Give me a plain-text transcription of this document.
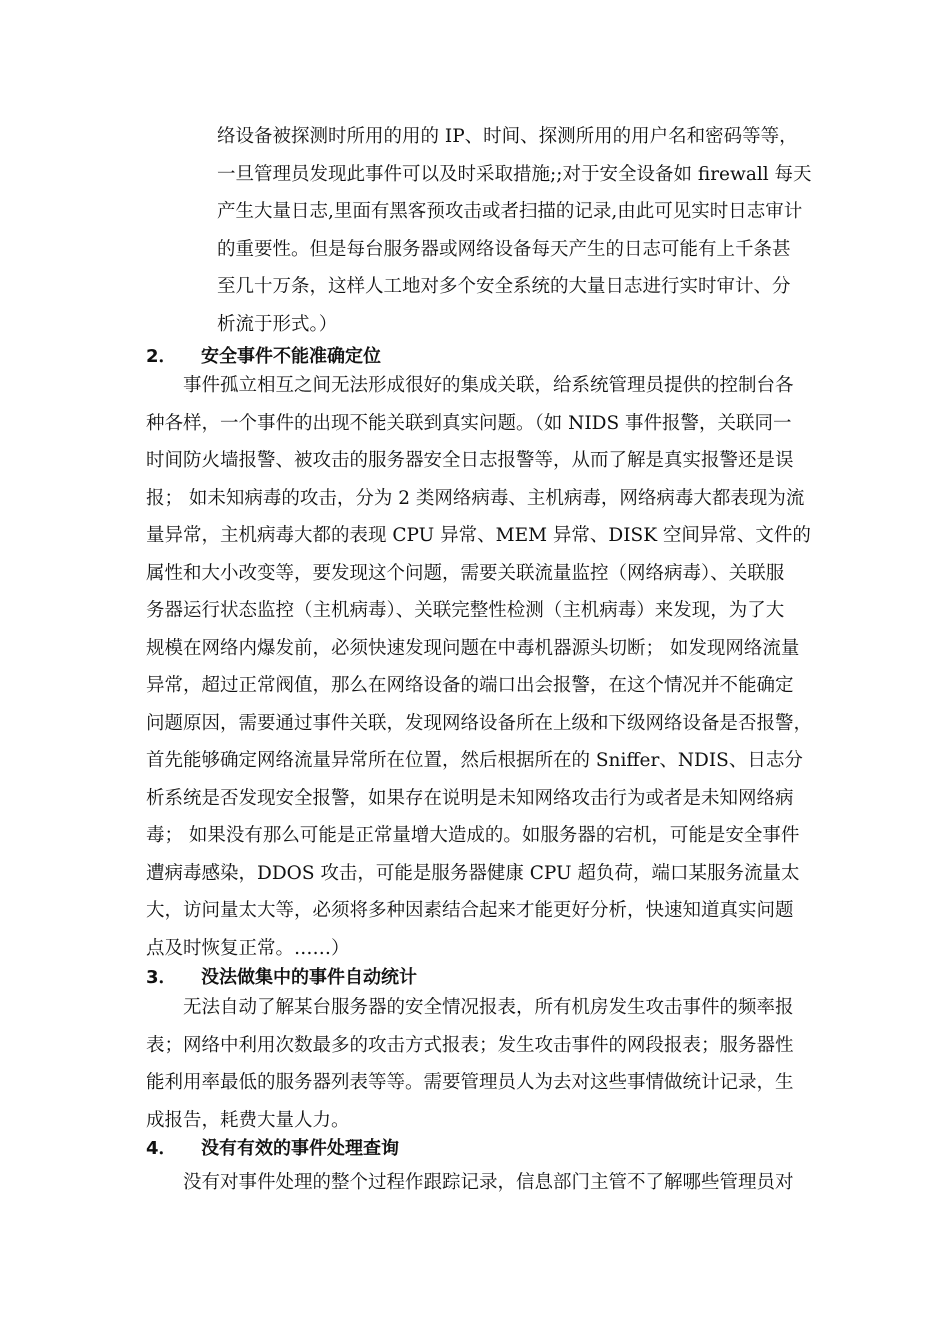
络设备被探测时所用的用的 IP、时间、探测所用的用户名和密码等等，
一旦管理员发现此事件可以及时采取措施;;对于安全设备如 firewall 每天
产生大量日志,里面有黑客预攻击或者扫描的记录,由此可见实时日志审计
的重要性。但是每台服务器或网络设备每天产生的日志可能有上千条甚
至几十万条，这样人工地对多个安全系统的大量日志进行实时审计、分
析流于形式。）
2． 安全事件不能准确定位
　　事件孤立相互之间无法形成很好的集成关联，给系统管理员提供的控制台各
种各样，一个事件的出现不能关联到真实问题。（如 NIDS 事件报警，关联同一
时间防火墙报警、被攻击的服务器安全日志报警等，从而了解是真实报警还是误
报； 如未知病毒的攻击，分为 2 类网络病毒、主机病毒，网络病毒大都表现为流
量异常，主机病毒大都的表现 CPU 异常、MEM 异常、DISK 空间异常、文件的
属性和大小改变等，要发现这个问题，需要关联流量监控（网络病毒）、关联服
务器运行状态监控（主机病毒）、关联完整性检测（主机病毒）来发现，为了大
规模在网络内爆发前，必须快速发现问题在中毒机器源头切断； 如发现网络流量
异常，超过正常阀值，那么在网络设备的端口出会报警，在这个情况并不能确定
问题原因，需要通过事件关联，发现网络设备所在上级和下级网络设备是否报警，
首先能够确定网络流量异常所在位置，然后根据所在的 Sniffer、NDIS、日志分
析系统是否发现安全报警，如果存在说明是未知网络攻击行为或者是未知网络病
毒； 如果没有那么可能是正常量增大造成的。如服务器的宕机，可能是安全事件
遭病毒感染，DDOS 攻击，可能是服务器健康 CPU 超负荷，端口某服务流量太
大，访问量太大等，必须将多种因素结合起来才能更好分析，快速知道真实问题
点及时恢复正常。……）
3． 没法做集中的事件自动统计
　　无法自动了解某台服务器的安全情况报表，所有机房发生攻击事件的频率报
表；网络中利用次数最多的攻击方式报表；发生攻击事件的网段报表；服务器性
能利用率最低的服务器列表等等。需要管理员人为去对这些事情做统计记录，生
成报告，耗费大量人力。
4． 没有有效的事件处理查询
　　没有对事件处理的整个过程作跟踪记录，信息部门主管不了解哪些管理员对
